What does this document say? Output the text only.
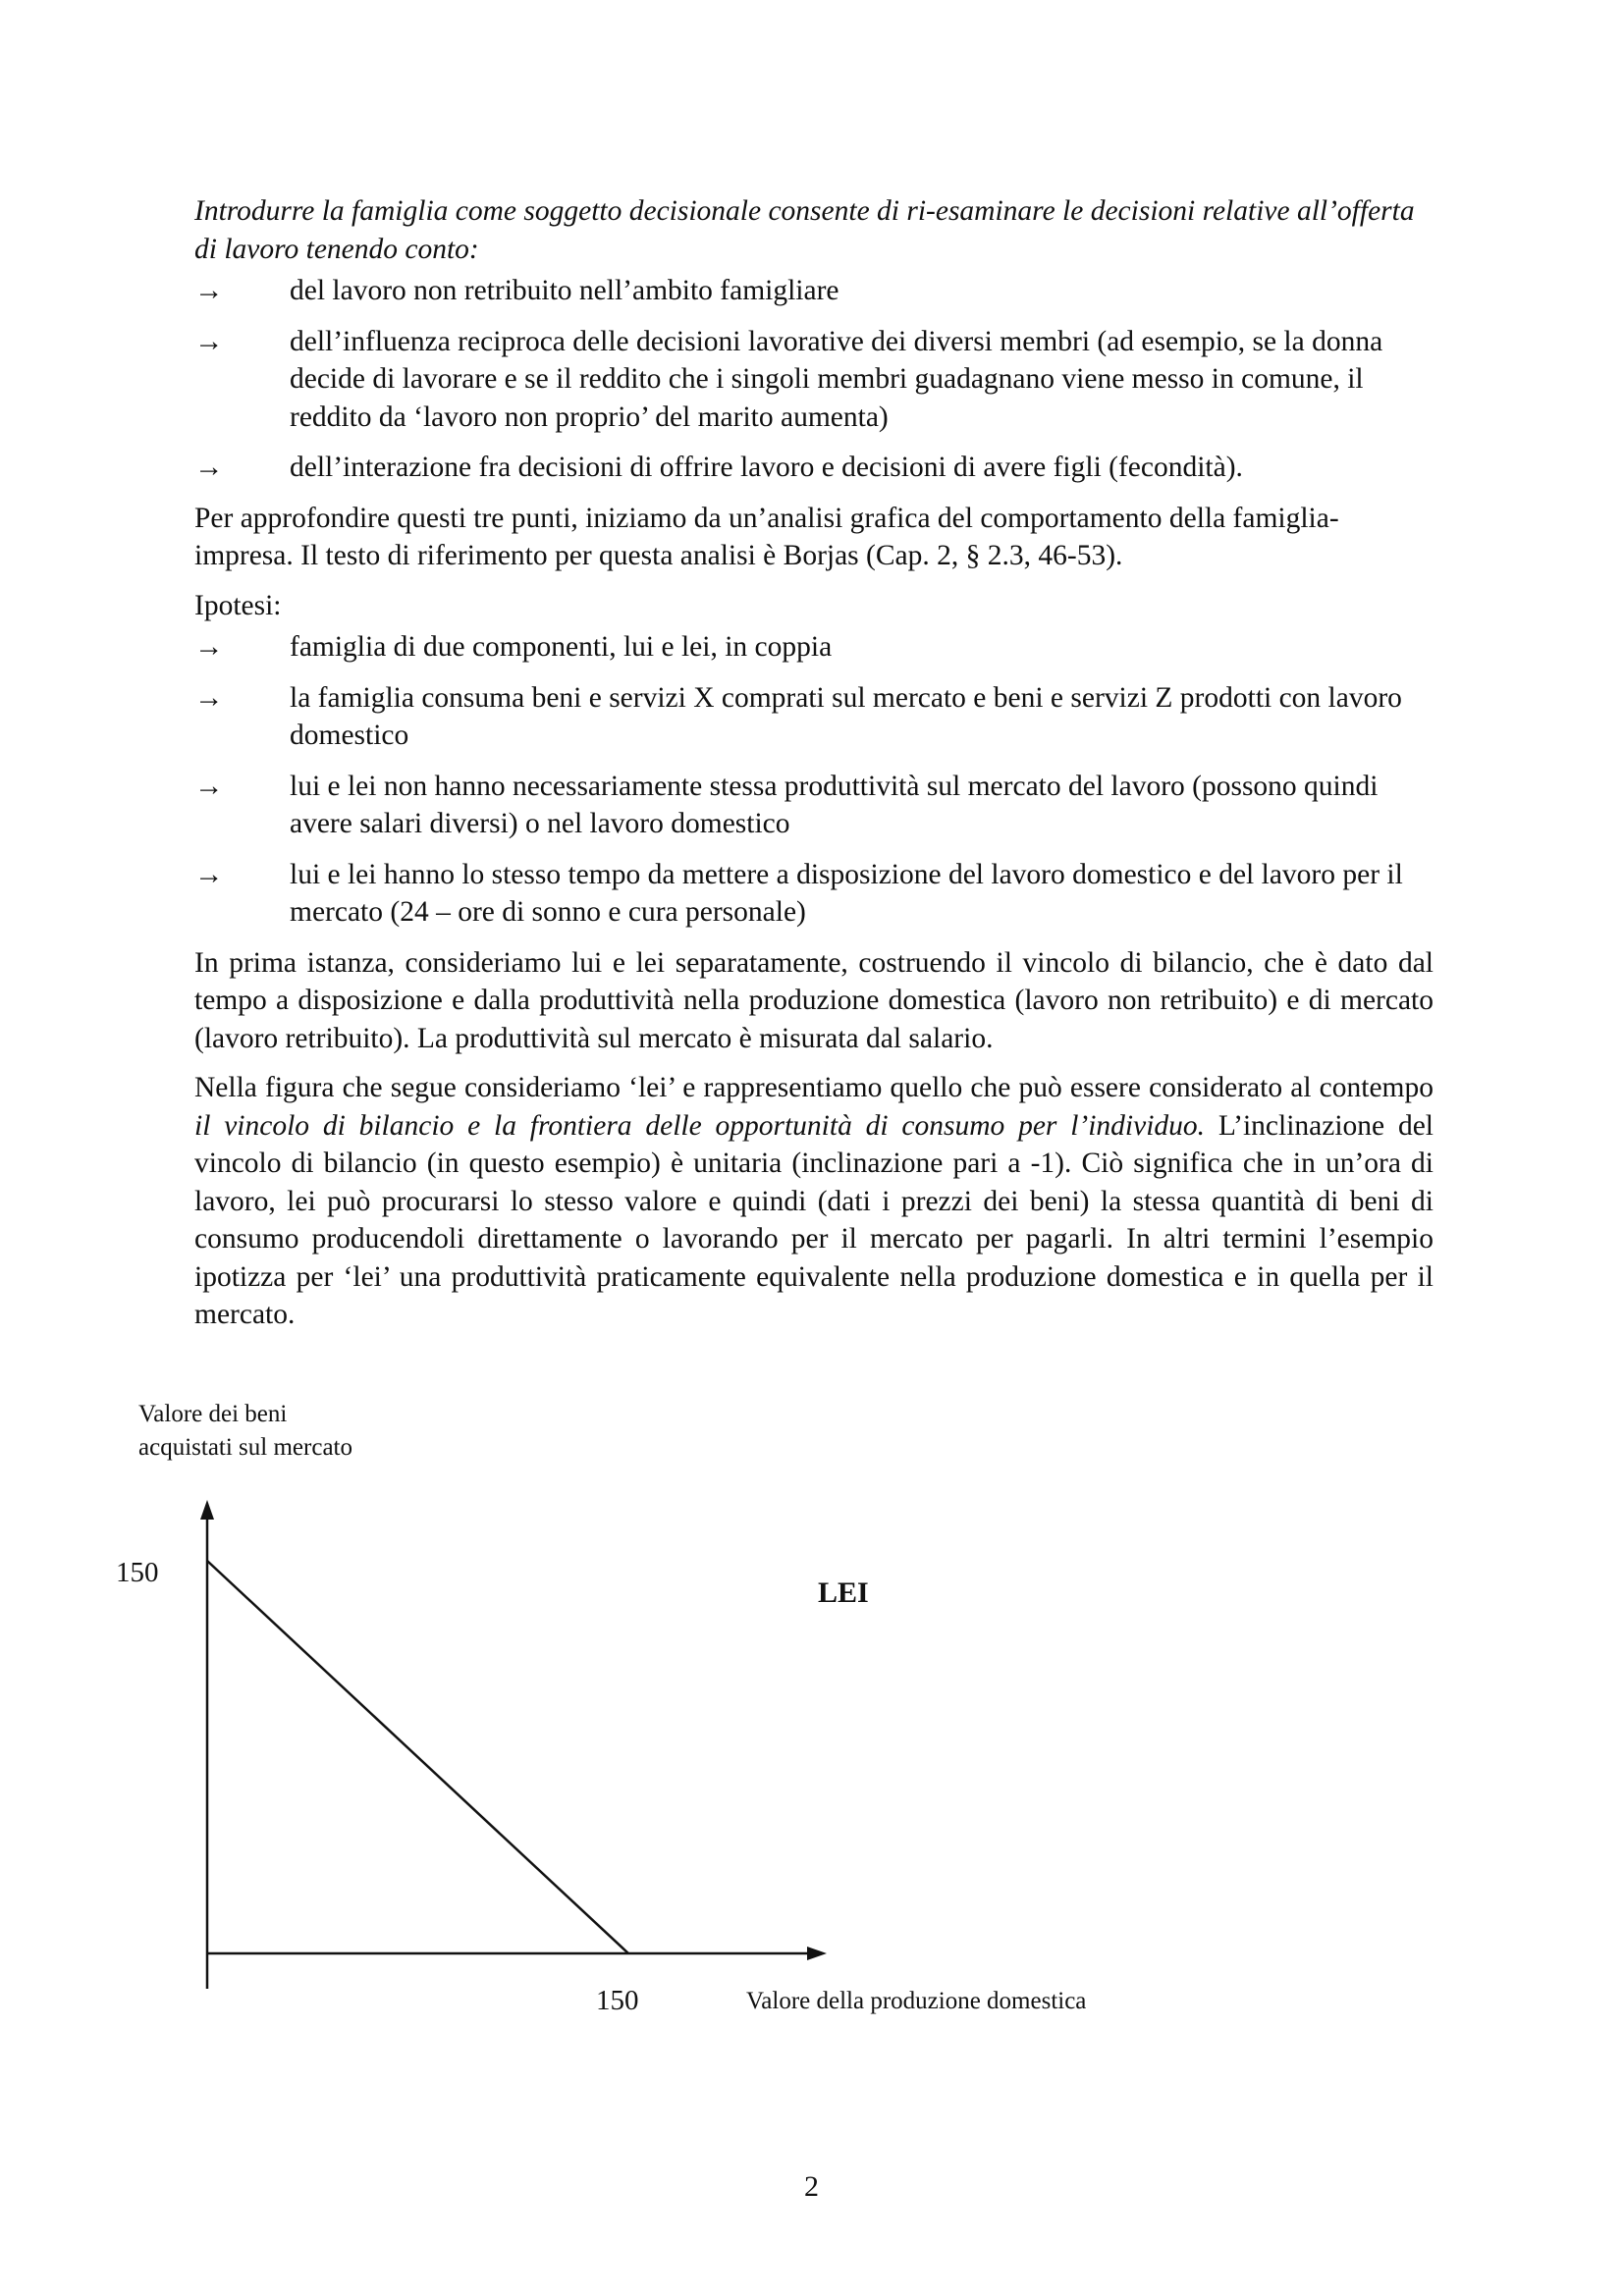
Introdurre la famiglia come soggetto decisionale consente di ri-esaminare le decisioni relative all’offerta di lavoro tenendo conto:

→	del lavoro non retribuito nell’ambito famigliare
→	dell’influenza reciproca delle decisioni lavorative dei diversi membri (ad esempio, se la donna decide di lavorare e se il reddito che i singoli membri guadagnano viene messo in comune, il reddito da ‘lavoro non proprio’ del marito aumenta)
→	dell’interazione fra decisioni di offrire lavoro e decisioni di avere figli (fecondità).

Per approfondire questi tre punti, iniziamo da un’analisi grafica del comportamento della famiglia-impresa. Il testo di riferimento per questa analisi è Borjas (Cap. 2, § 2.3, 46-53).

Ipotesi:

→	famiglia di due componenti, lui e lei, in coppia
→	la famiglia consuma beni e servizi X comprati sul mercato e beni e servizi Z prodotti con lavoro domestico
→	lui e lei non hanno necessariamente stessa produttività sul mercato del lavoro (possono quindi avere salari diversi) o nel lavoro domestico
→	lui e lei hanno lo stesso tempo da mettere a disposizione del lavoro domestico e del lavoro per il mercato (24 – ore di sonno e cura personale)

In prima istanza, consideriamo lui e lei separatamente, costruendo il vincolo di bilancio, che è dato dal tempo a disposizione e dalla produttività nella produzione domestica (lavoro non retribuito) e di mercato (lavoro retribuito). La produttività sul mercato è misurata dal salario.

Nella figura che segue consideriamo ‘lei’ e rappresentiamo quello che può essere considerato al contempo il vincolo di bilancio e la frontiera delle opportunità di consumo per l’individuo. L’inclinazione del vincolo di bilancio (in questo esempio) è unitaria (inclinazione pari a -1). Ciò significa che in un’ora di lavoro, lei può procurarsi lo stesso valore e quindi (dati i prezzi dei beni) la stessa quantità di beni di consumo producendoli direttamente o lavorando per il mercato per pagarli. In altri termini l’esempio ipotizza per ‘lei’ una produttività praticamente equivalente nella produzione domestica e in quella per il mercato.

Valore dei beni
acquistati sul mercato
150
LEI
150	Valore della produzione domestica
2
